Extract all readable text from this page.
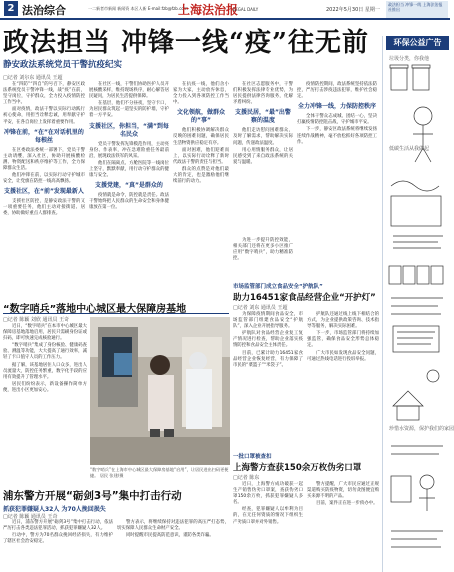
2 法治综合	一二新者市新闻 新闻资 本区人新 E-mail:fzb@fzb.com
上海法治报
LEGAL DAILY	2022年5月30日 星期一
政法担当 冲锋一线 上海法治报社推出
政法担当 冲锋一线“疫”往无前
静安政法系统党员干警抗疫纪实
□记者 刘尔东 通讯员 王超

在“四防”“四自”的号召下，静安区政法系统党员干警冲锋一线，战“疫”在前，坚守岗位，守护群众，全力投入疫情防控工作当中。

面对疫情，政法干警以实际行动践行初心使命，用担当诠释忠诚，用奉献守护平安，在各自岗位上发挥着重要作用。

冲锋在前，“在”在对话机里的每根丝

在区委政法委统一部署下，党员干警主动请缨，深入社区，协助开展核酸检测、物资配送和秩序维护等工作，全力保障群众生活。

他们冲锋在前，以实际行动守护城市安全，让党旗在防控一线高高飘扬。

支援社区，在“前”发现最新人

支援社区防控，是静安政法干警的又一项重要任务，他们主动对接街道、居委，协助做好重点人群排查。

在社区一线，干警们协助医护人员开展核酸采样，维持现场秩序，耐心解答居民疑问，为居民生活提供保障。

在基层，他们不分昼夜，坚守卡口，为居民群众筑起一道坚实的防护墙，守护着一方平安。

支援社区，你担当，“满”到每名民众

党员干警发挥先锋模范作用，主动亮身份、作表率，冲在急难险重任务最前沿，展现政法铁军的风采。

他们在隔离点、方舱医院等一线岗位上坚守，默默奉献，用行动守护群众的健康与安全。

支援党建，“真”是群众的

疫情就是命令，防控就是责任。政法干警始终把人民群众的生命安全和身体健康放在第一位。

在抗疫一线，他们舍小家为大家，主动放弃休息，全力投入到各项防控工作当中。

文化领航，做群众的”事”

他们积极协调解决群众反映的困难问题，确保居民生活物资供应稳定有序。

面对困难，他们迎难而上，以实际行动诠释了新时代政法干警的责任与担当。

群众的点赞是对他们最大的肯定，也是激励他们继续前行的动力。

在社区志愿服务中，干警们积极发挥法律专业优势，为居民提供法律咨询服务，化解矛盾纠纷。

支援民居，“最”出警察的温度

他们走访慰问困难群众，及时了解需求，帮助解决实际问题，传递政法温度。

用心用情服务群众，让居民感受到了来自政法系统的关爱与温暖。

疫情防控期间，政法系统坚持依法防控，严厉打击涉疫违法犯罪，维护社会稳定。

全力冲锋一线，力保防控秩序

全体干警众志成城、团结一心，坚决打赢疫情防控阻击战，守护城市平安。

下一步，静安区政法系统将继续发扬连续作战精神，毫不放松抓好各项防控工作。

“数字哨兵”落地中心城区最大保障房基地
□记者 陈颖 刘欣 通讯员 王奇

近日，“数字哨兵”在本市中心城区最大保障房基地落地启用，居民只需刷身份证或扫码，即可快速完成核验通行。

“数字哨兵”集成了身份核验、健康码查验、测温等功能，大大提高了通行效率，减轻了卡口值守人员的工作压力。

据了解，该基地居住人口众多，进出人员流量大，防控任务繁重，数字化手段的应用有效提升了管理水平。

居民们纷纷表示，新设备操作简单方便，进出小区更加安心。

“数字哨兵”在上海市中心城区最大保障房基地“启用”，让居民进出扫码更便捷。 居民 张建/摄

为进一步提升防控效能，相关部门还将在更多小区推广应用“数字哨兵”，助力精准防控。

市场监管部门成立食品安全“护航队”
助力16451家食品经营企业“开护灯”
□记者 刘东 通讯员 王超

为保障疫情期间食品安全，市场监管部门组建食品安全“护航队”，深入企业开展指导服务。

护航队对食品经营企业复工复产情况进行检查，帮助企业落实疫情防控和食品安全主体责任。

目前，已累计助力16451家食品经营企业恢复经营，有力保障了市民的“菜篮子”“米袋子”。

护航队还通过线上线下相结合的方式，为企业提供政策咨询、技术指导等服务，解决实际困难。

下一步，市场监管部门将持续加强监管，确保食品安全形势总体稳定。

广大市民如发现食品安全问题，可通过热线电话进行投诉举报。

一批口罩被查扣
上海警方查获150余万枚伪劣口罩
□记者 陈东

近日，上海警方成功破获一起生产销售伪劣口罩案，查获伪劣口罩150余万枚，抓获犯罪嫌疑人多名。

经查，犯罪嫌疑人以牟利为目的，在无任何资质的情况下组织生产劣质口罩并对外销售。

警方提醒，广大市民应通过正规渠道购买防疫物资，切勿贪图便宜购买来源不明的产品。

目前，案件正在进一步侦办中。

浦东警方开展“砺剑3号”集中打击行动
抓获犯罪嫌疑人32人 为70人挽回损失
□记者 陈颖 通讯员 王奇

近日，浦东警方开展“砺剑3号”集中打击行动，依法严厉打击各类违法犯罪活动，抓获犯罪嫌疑人32人。

行动中，警方为70名群众挽回经济损失，有力维护了辖区社会治安稳定。

警方表示，将继续保持对违法犯罪的高压严打态势，切实保障人民群众生命财产安全。

同时提醒市民提高防范意识，谨防各类诈骗。

环保公益广告
垃圾分类，你我他
低碳生活从我做起
珍惜水资源，保护我们的家园
